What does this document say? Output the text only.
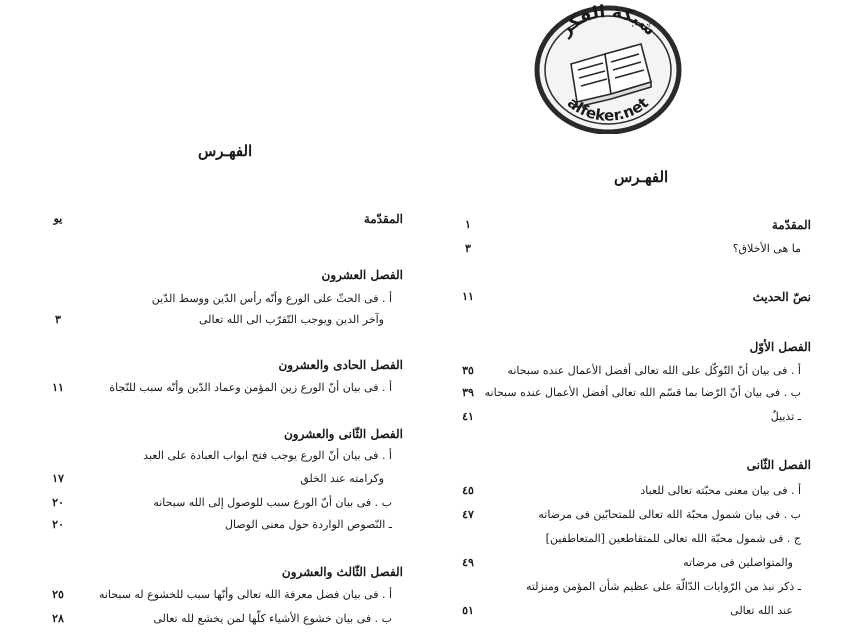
الفهـرس
المقدّمة
يو
الفصل العشرون
أ . فى الحثّ على الورع وأنّه رأس الدّين ووسط الدّين
وآخر الدين ويوجب التّقرّب الى الله تعالى
٣
الفصل الحادى والعشرون
أ . فى بيان أنّ الورع زين المؤمن وعماد الدّين وأنّه سبب للنّجاة
١١
الفصل الثّانى والعشرون
أ . فى بيان أنّ الورع يوجب فتح ابواب العبادة على العبد
وكرامته عند الخلق
١٧
ب . فى بيان أنّ الورع سبب للوصول إلى الله سبحانه
٢٠
ـ النّصوص الواردة حول معنى الوصال
٢٠
الفصل الثّالث والعشرون
أ . فى بيان فضل معرفة الله تعالى وأنّها سبب للخشوع له سبحانه
٢٥
ب . فى بيان خشوع الأشياء كلّها لمن يخشع لله تعالى
٢٨
شبكة الفكر
alfeker.net
الفهـرس
المقدّمة
١
ما هى الأخلاق؟
٣
نصّ الحديث
١١
الفصل الأوّل
أ . فى بيان أنّ التّوكّل على الله تعالى أفضل الأعمال عنده سبحانه
٣٥
ب . فى بيان أنّ الرّضا بما قسّم الله تعالى أفضل الأعمال عنده سبحانه
٣٩
ـ تذييلٌ
٤١
الفصل الثّانى
أ . فى بيان معنى محبّته تعالى للعباد
٤٥
ب . فى بيان شمول محبّة الله تعالى للمتحابّين فى مرضاته
٤٧
ج . فى شمول محبّة الله تعالى للمتقاطعين [المتعاطفين]
والمتواصلين فى مرضاته
٤٩
ـ ذكر نبذ من الرّوايات الدّالّة على عظيم شأن المؤمن ومنزلته
عند الله تعالى
٥١
